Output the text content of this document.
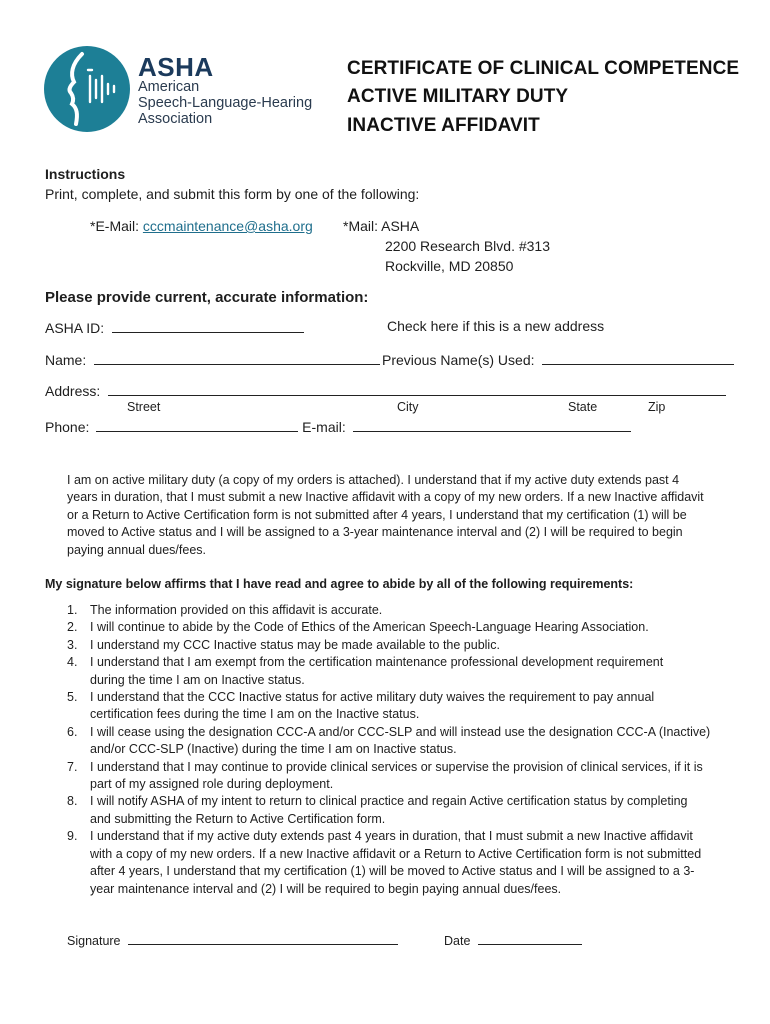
ASHA
American
Speech-Language-Hearing
Association
CERTIFICATE OF CLINICAL COMPETENCE
ACTIVE MILITARY DUTY
INACTIVE AFFIDAVIT
Instructions
Print, complete, and submit this form by one of the following:
*E-Mail: cccmaintenance@asha.org *Mail: ASHA
2200 Research Blvd. #313
Rockville, MD 20850
Please provide current, accurate information:
ASHA ID:	Check here if this is a new address
Name:	Previous Name(s) Used:
Address:
Street	City	State	Zip
Phone:	E-mail:
I am on active military duty (a copy of my orders is attached). I understand that if my active duty extends past 4
years in duration, that I must submit a new Inactive affidavit with a copy of my new orders. If a new Inactive affidavit
or a Return to Active Certification form is not submitted after 4 years, I understand that my certification (1) will be
moved to Active status and I will be assigned to a 3-year maintenance interval and (2) I will be required to begin
paying annual dues/fees.
My signature below affirms that I have read and agree to abide by all of the following requirements:
1. The information provided on this affidavit is accurate.
2. I will continue to abide by the Code of Ethics of the American Speech-Language Hearing Association.
3. I understand my CCC Inactive status may be made available to the public.
4. I understand that I am exempt from the certification maintenance professional development requirement
during the time I am on Inactive status.
5. I understand that the CCC Inactive status for active military duty waives the requirement to pay annual
certification fees during the time I am on the Inactive status.
6. I will cease using the designation CCC-A and/or CCC-SLP and will instead use the designation CCC-A (Inactive)
and/or CCC-SLP (Inactive) during the time I am on Inactive status.
7. I understand that I may continue to provide clinical services or supervise the provision of clinical services, if it is
part of my assigned role during deployment.
8. I will notify ASHA of my intent to return to clinical practice and regain Active certification status by completing
and submitting the Return to Active Certification form.
9. I understand that if my active duty extends past 4 years in duration, that I must submit a new Inactive affidavit
with a copy of my new orders. If a new Inactive affidavit or a Return to Active Certification form is not submitted
after 4 years, I understand that my certification (1) will be moved to Active status and I will be assigned to a 3-
year maintenance interval and (2) I will be required to begin paying annual dues/fees.
Signature	Date
